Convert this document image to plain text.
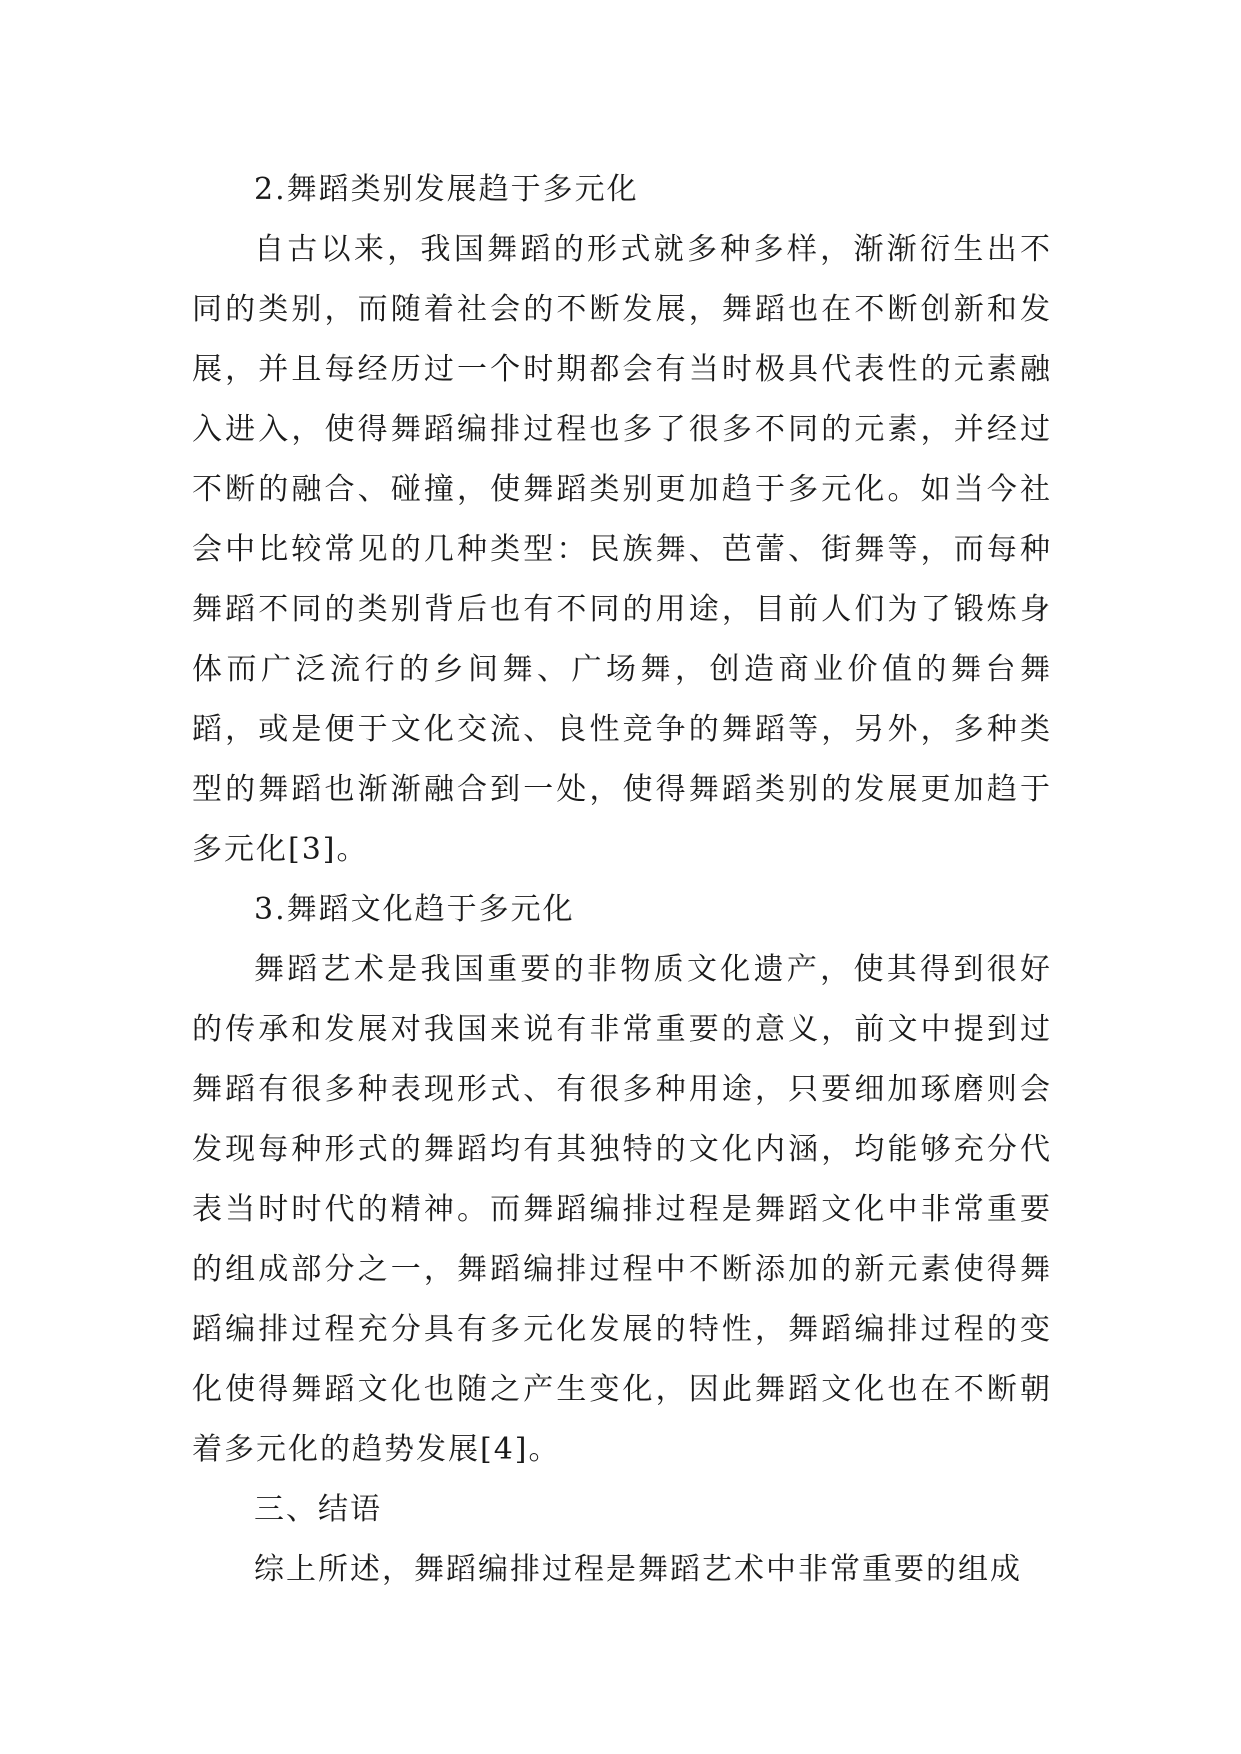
2.舞蹈类别发展趋于多元化

自古以来，我国舞蹈的形式就多种多样，渐渐衍生出不同的类别，而随着社会的不断发展，舞蹈也在不断创新和发展，并且每经历过一个时期都会有当时极具代表性的元素融入进入，使得舞蹈编排过程也多了很多不同的元素，并经过不断的融合、碰撞，使舞蹈类别更加趋于多元化。如当今社会中比较常见的几种类型：民族舞、芭蕾、街舞等，而每种舞蹈不同的类别背后也有不同的用途，目前人们为了锻炼身体而广泛流行的乡间舞、广场舞，创造商业价值的舞台舞蹈，或是便于文化交流、良性竞争的舞蹈等，另外，多种类型的舞蹈也渐渐融合到一处，使得舞蹈类别的发展更加趋于多元化[3]。

3.舞蹈文化趋于多元化

舞蹈艺术是我国重要的非物质文化遗产，使其得到很好的传承和发展对我国来说有非常重要的意义，前文中提到过舞蹈有很多种表现形式、有很多种用途，只要细加琢磨则会发现每种形式的舞蹈均有其独特的文化内涵，均能够充分代表当时时代的精神。而舞蹈编排过程是舞蹈文化中非常重要的组成部分之一，舞蹈编排过程中不断添加的新元素使得舞蹈编排过程充分具有多元化发展的特性，舞蹈编排过程的变化使得舞蹈文化也随之产生变化，因此舞蹈文化也在不断朝着多元化的趋势发展[4]。

三、结语

综上所述，舞蹈编排过程是舞蹈艺术中非常重要的组成
